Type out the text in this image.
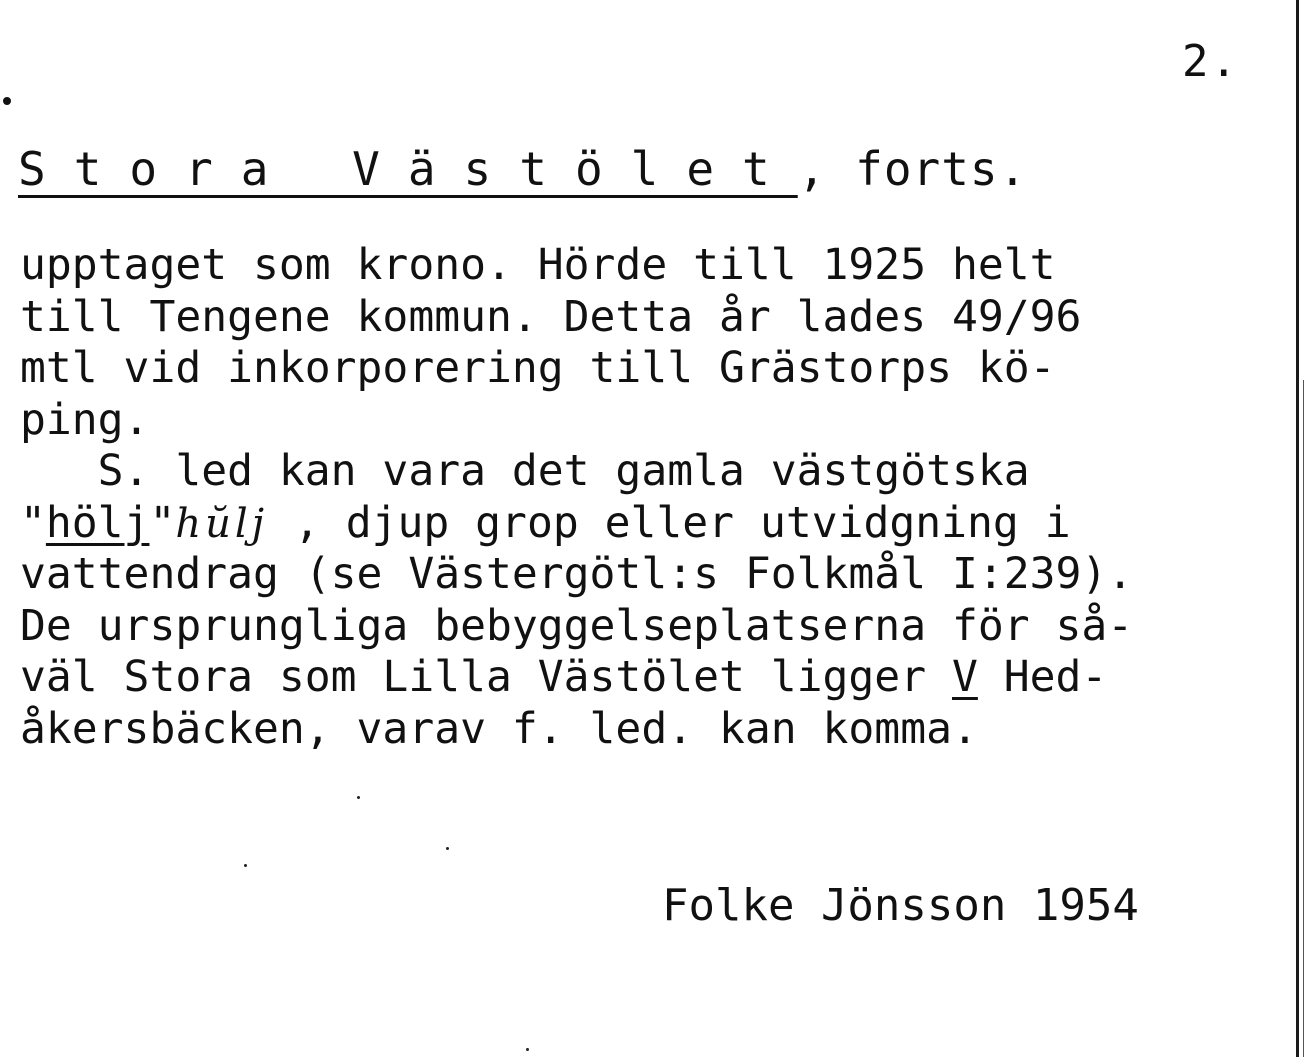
2.
Stora Västölet, forts.
upptaget som krono. Hörde till 1925 helt
till Tengene kommun. Detta år lades 49/96
mtl vid inkorporering till Grästorps kö-
ping.
S. led kan vara det gamla västgötska
"hölj"hŭlj , djup grop eller utvidgning i
vattendrag (se Västergötl:s Folkmål I:239).
De ursprungliga bebyggelseplatserna för så-
väl Stora som Lilla Västölet ligger V Hed-
åkersbäcken, varav f. led. kan komma.
Folke Jönsson 1954
